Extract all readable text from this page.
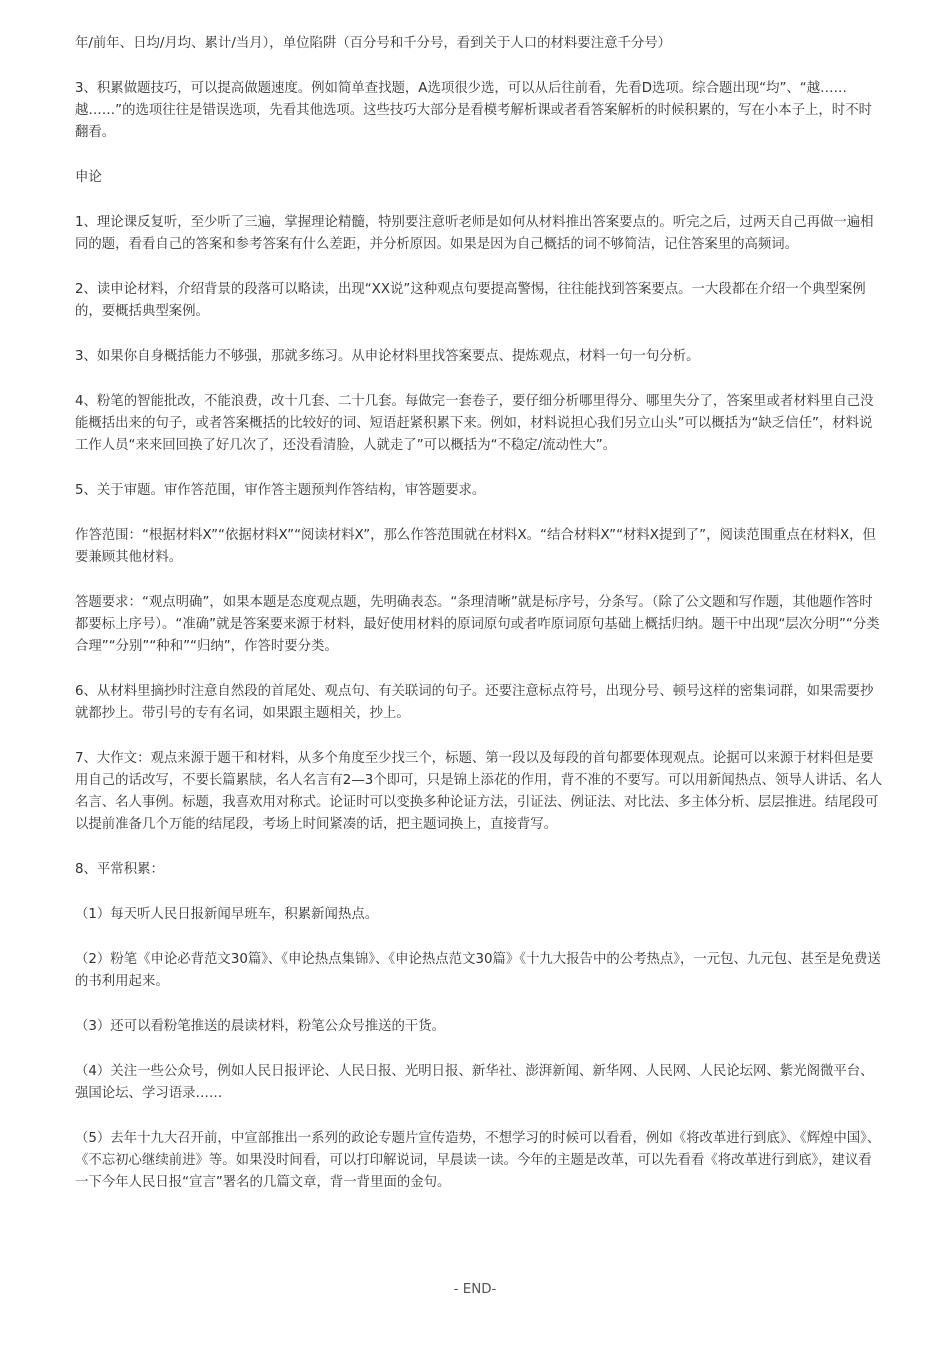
年/前年、日均/月均、累计/当月），单位陷阱（百分号和千分号，看到关于人口的材料要注意千分号）

3、积累做题技巧，可以提高做题速度。例如简单查找题，A选项很少选，可以从后往前看，先看D选项。综合题出现“均”、“越……越……”的选项往往是错误选项，先看其他选项。这些技巧大部分是看模考解析课或者看答案解析的时候积累的，写在小本子上，时不时翻看。

申论

1、理论课反复听，至少听了三遍，掌握理论精髓，特别要注意听老师是如何从材料推出答案要点的。听完之后，过两天自己再做一遍相同的题，看看自己的答案和参考答案有什么差距，并分析原因。如果是因为自己概括的词不够简洁，记住答案里的高频词。

2、读申论材料，介绍背景的段落可以略读，出现“XX说”这种观点句要提高警惕，往往能找到答案要点。一大段都在介绍一个典型案例的，要概括典型案例。

3、如果你自身概括能力不够强，那就多练习。从申论材料里找答案要点、提炼观点，材料一句一句分析。

4、粉笔的智能批改，不能浪费，改十几套、二十几套。每做完一套卷子，要仔细分析哪里得分、哪里失分了，答案里或者材料里自己没能概括出来的句子，或者答案概括的比较好的词、短语赶紧积累下来。例如，材料说担心我们另立山头”可以概括为“缺乏信任”，材料说工作人员“来来回回换了好几次了，还没看清脸，人就走了”可以概括为“不稳定/流动性大”。

5、关于审题。审作答范围，审作答主题预判作答结构，审答题要求。

作答范围：“根据材料X”“依据材料X”“阅读材料X”，那么作答范围就在材料X。“结合材料X”“材料X提到了”，阅读范围重点在材料X，但要兼顾其他材料。

答题要求：“观点明确”，如果本题是态度观点题，先明确表态。“条理清晰”就是标序号，分条写。（除了公文题和写作题，其他题作答时都要标上序号）。“准确”就是答案要来源于材料，最好使用材料的原词原句或者咋原词原句基础上概括归纳。题干中出现“层次分明”“分类合理”“分别”“种和”“归纳”，作答时要分类。

6、从材料里摘抄时注意自然段的首尾处、观点句、有关联词的句子。还要注意标点符号，出现分号、顿号这样的密集词群，如果需要抄就都抄上。带引号的专有名词，如果跟主题相关，抄上。

7、大作文：观点来源于题干和材料，从多个角度至少找三个，标题、第一段以及每段的首句都要体现观点。论据可以来源于材料但是要用自己的话改写，不要长篇累牍，名人名言有2—3个即可，只是锦上添花的作用，背不准的不要写。可以用新闻热点、领导人讲话、名人名言、名人事例。标题，我喜欢用对称式。论证时可以变换多种论证方法，引证法、例证法、对比法、多主体分析、层层推进。结尾段可以提前准备几个万能的结尾段，考场上时间紧凑的话，把主题词换上，直接背写。

8、平常积累：

（1）每天听人民日报新闻早班车，积累新闻热点。

（2）粉笔《申论必背范文30篇》、《申论热点集锦》、《申论热点范文30篇》《十九大报告中的公考热点》，一元包、九元包、甚至是免费送的书利用起来。

（3）还可以看粉笔推送的晨读材料，粉笔公众号推送的干货。

（4）关注一些公众号，例如人民日报评论、人民日报、光明日报、新华社、澎湃新闻、新华网、人民网、人民论坛网、紫光阁微平台、强国论坛、学习语录……

（5）去年十九大召开前，中宣部推出一系列的政论专题片宣传造势，不想学习的时候可以看看，例如《将改革进行到底》、《辉煌中国》、《不忘初心继续前进》等。如果没时间看，可以打印解说词，早晨读一读。今年的主题是改革，可以先看看《将改革进行到底》，建议看一下今年人民日报“宣言”署名的几篇文章，背一背里面的金句。

- END-
